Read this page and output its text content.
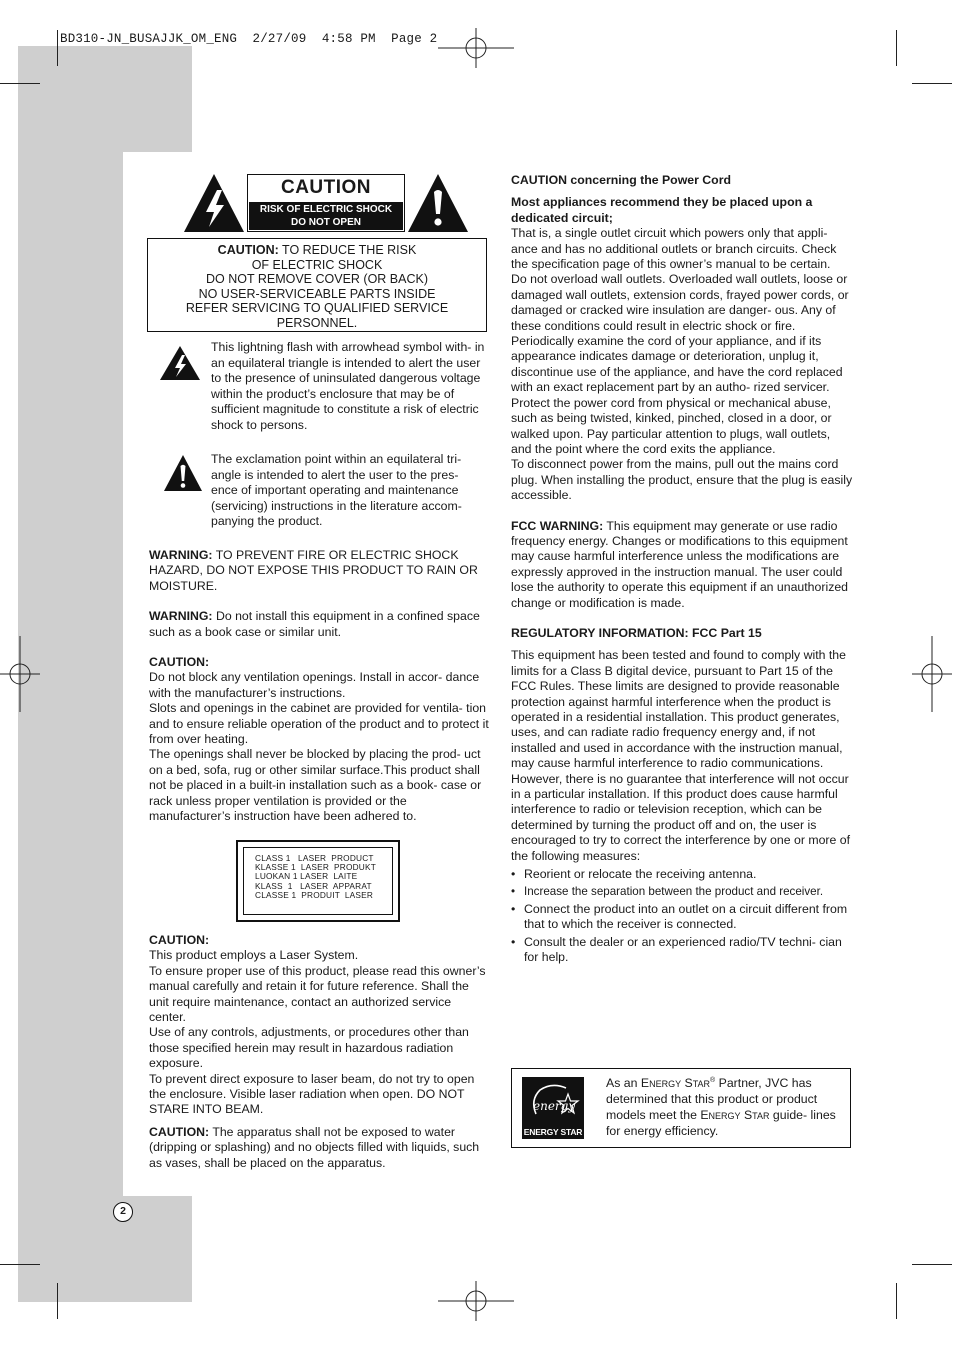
BD310-JN_BUSAJJK_OM_ENG  2/27/09  4:58 PM  Page 2
CAUTION
RISK OF ELECTRIC SHOCK
DO NOT OPEN
CAUTION: TO REDUCE THE RISK
OF ELECTRIC SHOCK
DO NOT REMOVE COVER (OR BACK)
NO USER-SERVICEABLE PARTS INSIDE
REFER SERVICING TO QUALIFIED SERVICE
PERSONNEL.
This lightning flash with arrowhead symbol with- in an equilateral triangle is intended to alert the user to the presence of uninsulated dangerous voltage within the product’s enclosure that may be of sufficient magnitude to constitute a risk of electric shock to persons.
The exclamation point within an equilateral tri- angle is intended to alert the user to the pres- ence of important operating and maintenance (servicing) instructions in the literature accom- panying the product.

WARNING: TO PREVENT FIRE OR ELECTRIC SHOCK HAZARD, DO NOT EXPOSE THIS PRODUCT TO RAIN OR MOISTURE.

WARNING: Do not install this equipment in a confined space such as a book case or similar unit.

CAUTION:

Do not block any ventilation openings. Install in accor- dance with the manufacturer’s instructions.

Slots and openings in the cabinet are provided for ventila- tion and to ensure reliable operation of the product and to protect it from over heating.

The openings shall never be blocked by placing the prod- uct on a bed, sofa, rug or other similar surface.This product shall not be placed in a built-in installation such as a book- case or rack unless proper ventilation is provided or the manufacturer’s instruction have been adhered to.

CLASS 1   LASER  PRODUCT
KLASSE 1  LASER  PRODUKT
LUOKAN 1 LASER  LAITE
KLASS  1   LASER  APPARAT
CLASSE 1  PRODUIT  LASER

CAUTION:

This product employs a Laser System.

To ensure proper use of this product, please read this owner’s manual carefully and retain it for future reference. Shall the unit require maintenance, contact an authorized service center.

Use of any controls, adjustments, or procedures other than those specified herein may result in hazardous radiation exposure.

To prevent direct exposure to laser beam, do not try to open the enclosure. Visible laser radiation when open. DO NOT STARE INTO BEAM.

CAUTION: The apparatus shall not be exposed to water (dripping or splashing) and no objects filled with liquids, such as vases, shall be placed on the apparatus.

CAUTION concerning the Power Cord

Most appliances recommend they be placed upon a dedicated circuit;

That is, a single outlet circuit which powers only that appli- ance and has no additional outlets or branch circuits. Check the specification page of this owner’s manual to be certain.

Do not overload wall outlets. Overloaded wall outlets, loose or damaged wall outlets, extension cords, frayed power cords, or damaged or cracked wire insulation are danger- ous. Any of these conditions could result in electric shock or fire. Periodically examine the cord of your appliance, and if its appearance indicates damage or deterioration, unplug it, discontinue use of the appliance, and have the cord replaced with an exact replacement part by an autho- rized servicer.

Protect the power cord from physical or mechanical abuse, such as being twisted, kinked, pinched, closed in a door, or walked upon. Pay particular attention to plugs, wall outlets, and the point where the cord exits the appliance.

To disconnect power from the mains, pull out the mains cord plug. When installing the product, ensure that the plug is easily accessible.

FCC WARNING: This equipment may generate or use radio frequency energy. Changes or modifications to this equipment may cause harmful interference unless the modifications are expressly approved in the instruction manual. The user could lose the authority to operate this equipment if an unauthorized change or modification is made.

REGULATORY INFORMATION: FCC Part 15

This equipment has been tested and found to comply with the limits for a Class B digital device, pursuant to Part 15 of the FCC Rules. These limits are designed to provide reasonable protection against harmful interference when the product is operated in a residential installation. This product generates, uses, and can radiate radio frequency energy and, if not installed and used in accordance with the instruction manual, may cause harmful interference to radio communications. However, there is no guarantee that interference will not occur in a particular installation. If this product does cause harmful interference to radio or television reception, which can be determined by turning the product off and on, the user is encouraged to try to correct the interference by one or more of the following measures:

• Reorient or relocate the receiving antenna.
• Increase the separation between the product and receiver.
• Connect the product into an outlet on a circuit different from that to which the receiver is connected.
• Consult the dealer or an experienced radio/TV techni- cian for help.
energy
ENERGY STAR
As an Energy Star® Partner, JVC has determined that this product or product models meet the Energy Star guide- lines for energy efficiency.
2
